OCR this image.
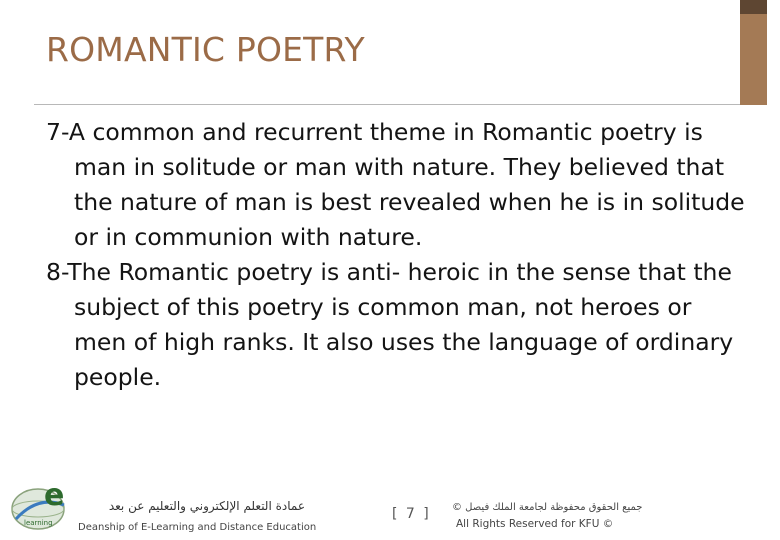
ROMANTIC POETRY

7-A common and recurrent theme in Romantic poetry is man in solitude or man with nature. They believed that the nature of man is best revealed when he is in solitude or in communion with nature.

8-The Romantic poetry is anti- heroic in the sense that the subject of this poetry is common man, not heroes or men of high ranks. It also uses the language of ordinary people.

e
learning
عمادة التعلم الإلكتروني والتعليم عن بعد
Deanship of E-Learning and Distance Education
[ 7 ] جميع الحقوق محفوظة لجامعة الملك فيصل ©
All Rights Reserved for KFU ©
